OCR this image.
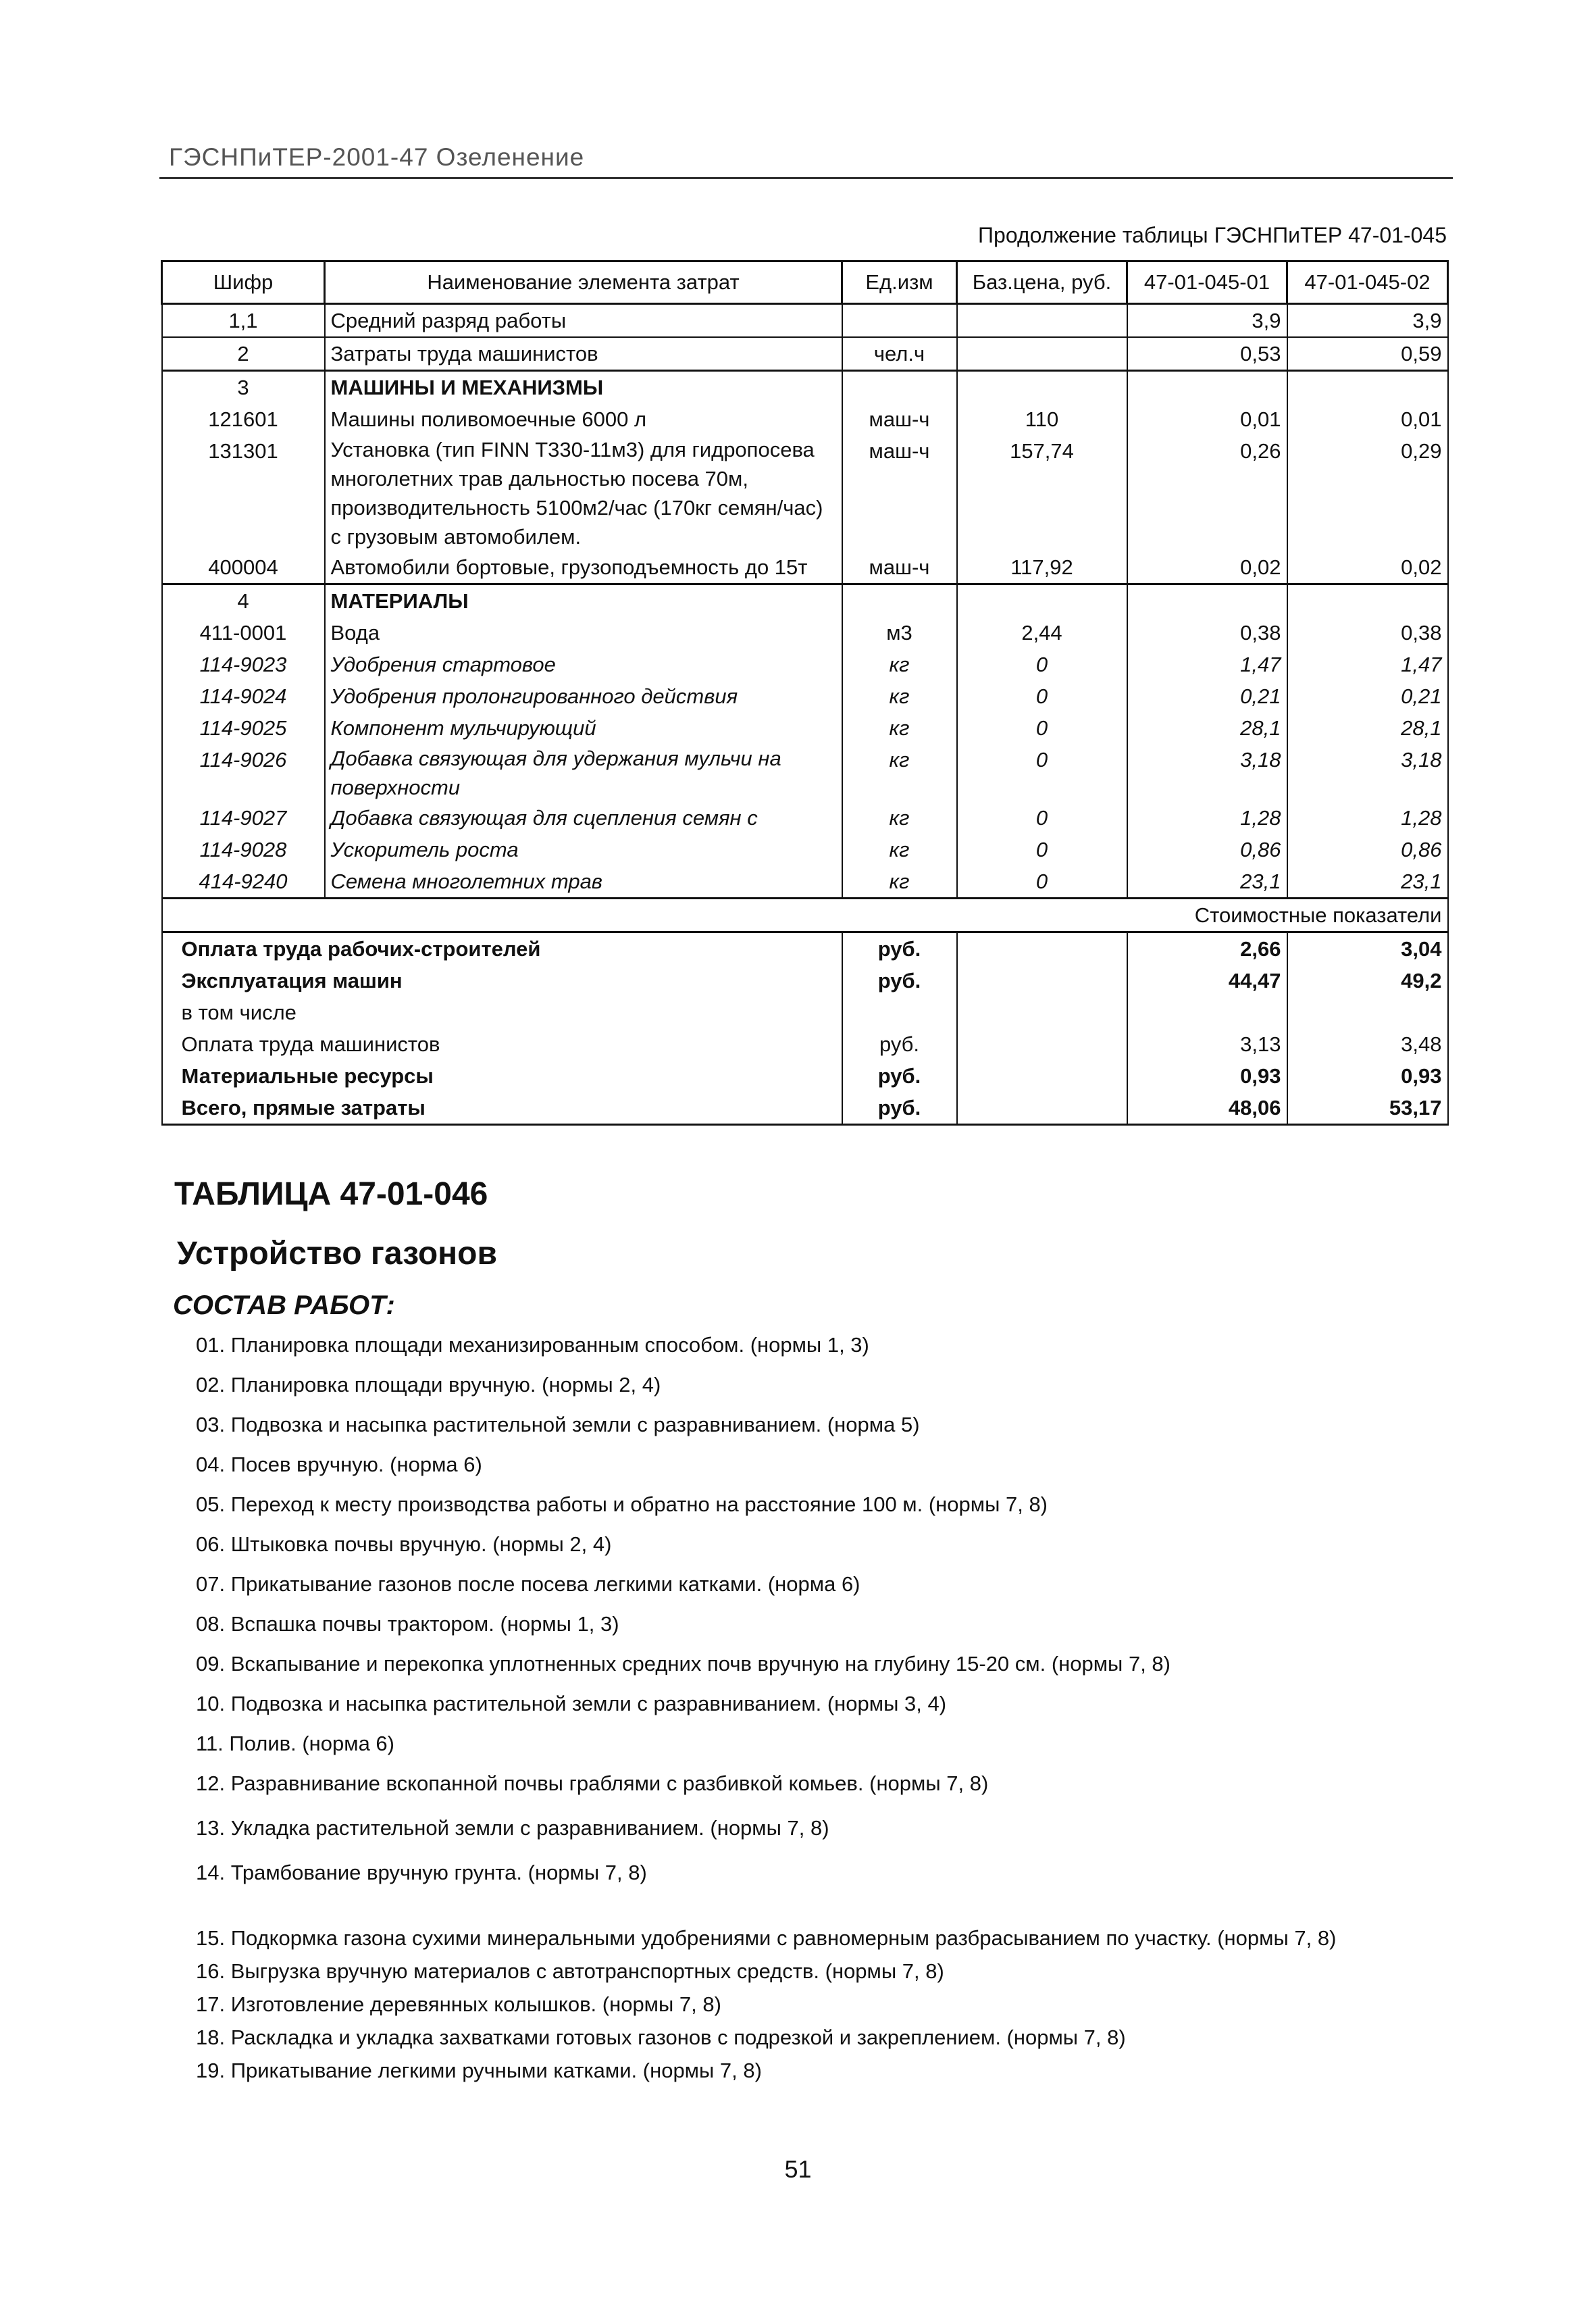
ГЭСНПиТЕР-2001-47 Озеленение
Продолжение таблицы ГЭСНПиТЕР 47-01-045
Шифр	Наименование элемента затрат	Ед.изм	Баз.цена, руб.	47-01-045-01	47-01-045-02
1,1	Средний разряд работы			3,9	3,9
2	Затраты труда машинистов	чел.ч		0,53	0,59
3	МАШИНЫ И МЕХАНИЗМЫ				
121601	Машины поливомоечные 6000 л	маш-ч	110	0,01	0,01
131301	Установка (тип FINN T330-11м3) для гидропосева многолетних трав дальностью посева 70м, производительность 5100м2/час (170кг семян/час) с грузовым автомобилем.	маш-ч	157,74	0,26	0,29
400004	Автомобили бортовые, грузоподъемность до 15т	маш-ч	117,92	0,02	0,02
4	МАТЕРИАЛЫ				
411-0001	Вода	м3	2,44	0,38	0,38
114-9023	Удобрения стартовое	кг	0	1,47	1,47
114-9024	Удобрения пролонгированного действия	кг	0	0,21	0,21
114-9025	Компонент мульчирующий	кг	0	28,1	28,1
114-9026	Добавка связующая для удержания мульчи на поверхности	кг	0	3,18	3,18
114-9027	Добавка связующая для сцепления семян с	кг	0	1,28	1,28
114-9028	Ускоритель роста	кг	0	0,86	0,86
414-9240	Семена многолетних трав	кг	0	23,1	23,1
Стоимостные показатели					
Оплата труда рабочих-строителей		руб.		2,66	3,04
Эксплуатация машин		руб.		44,47	49,2
в том числе					
Оплата труда машинистов		руб.		3,13	3,48
Материальные ресурсы		руб.		0,93	0,93
Всего, прямые затраты		руб.		48,06	53,17
ТАБЛИЦА 47-01-046
Устройство газонов
СОСТАВ РАБОТ:
01. Планировка площади механизированным способом. (нормы 1, 3)
02. Планировка площади вручную. (нормы 2, 4)
03. Подвозка и насыпка растительной земли с разравниванием. (норма 5)
04. Посев вручную. (норма 6)
05. Переход к месту производства работы и обратно на расстояние 100 м. (нормы 7, 8)
06. Штыковка почвы вручную. (нормы 2, 4)
07. Прикатывание газонов после посева легкими катками. (норма 6)
08. Вспашка почвы трактором. (нормы 1, 3)
09. Вскапывание и перекопка уплотненных средних почв вручную на глубину 15-20 см. (нормы 7, 8)
10. Подвозка и насыпка растительной земли с разравниванием. (нормы 3, 4)
11. Полив. (норма 6)
12. Разравнивание вскопанной почвы граблями с разбивкой комьев. (нормы 7, 8)
13. Укладка растительной земли с разравниванием. (нормы 7, 8)
14. Трамбование вручную грунта. (нормы 7, 8)
15. Подкормка газона сухими минеральными удобрениями с равномерным разбрасыванием по участку. (нормы 7, 8)
16. Выгрузка вручную материалов с автотранспортных средств. (нормы 7, 8)
17. Изготовление деревянных колышков. (нормы 7, 8)
18. Раскладка и укладка захватками готовых газонов с подрезкой и закреплением. (нормы 7, 8)
19. Прикатывание легкими ручными катками. (нормы 7, 8)
51
